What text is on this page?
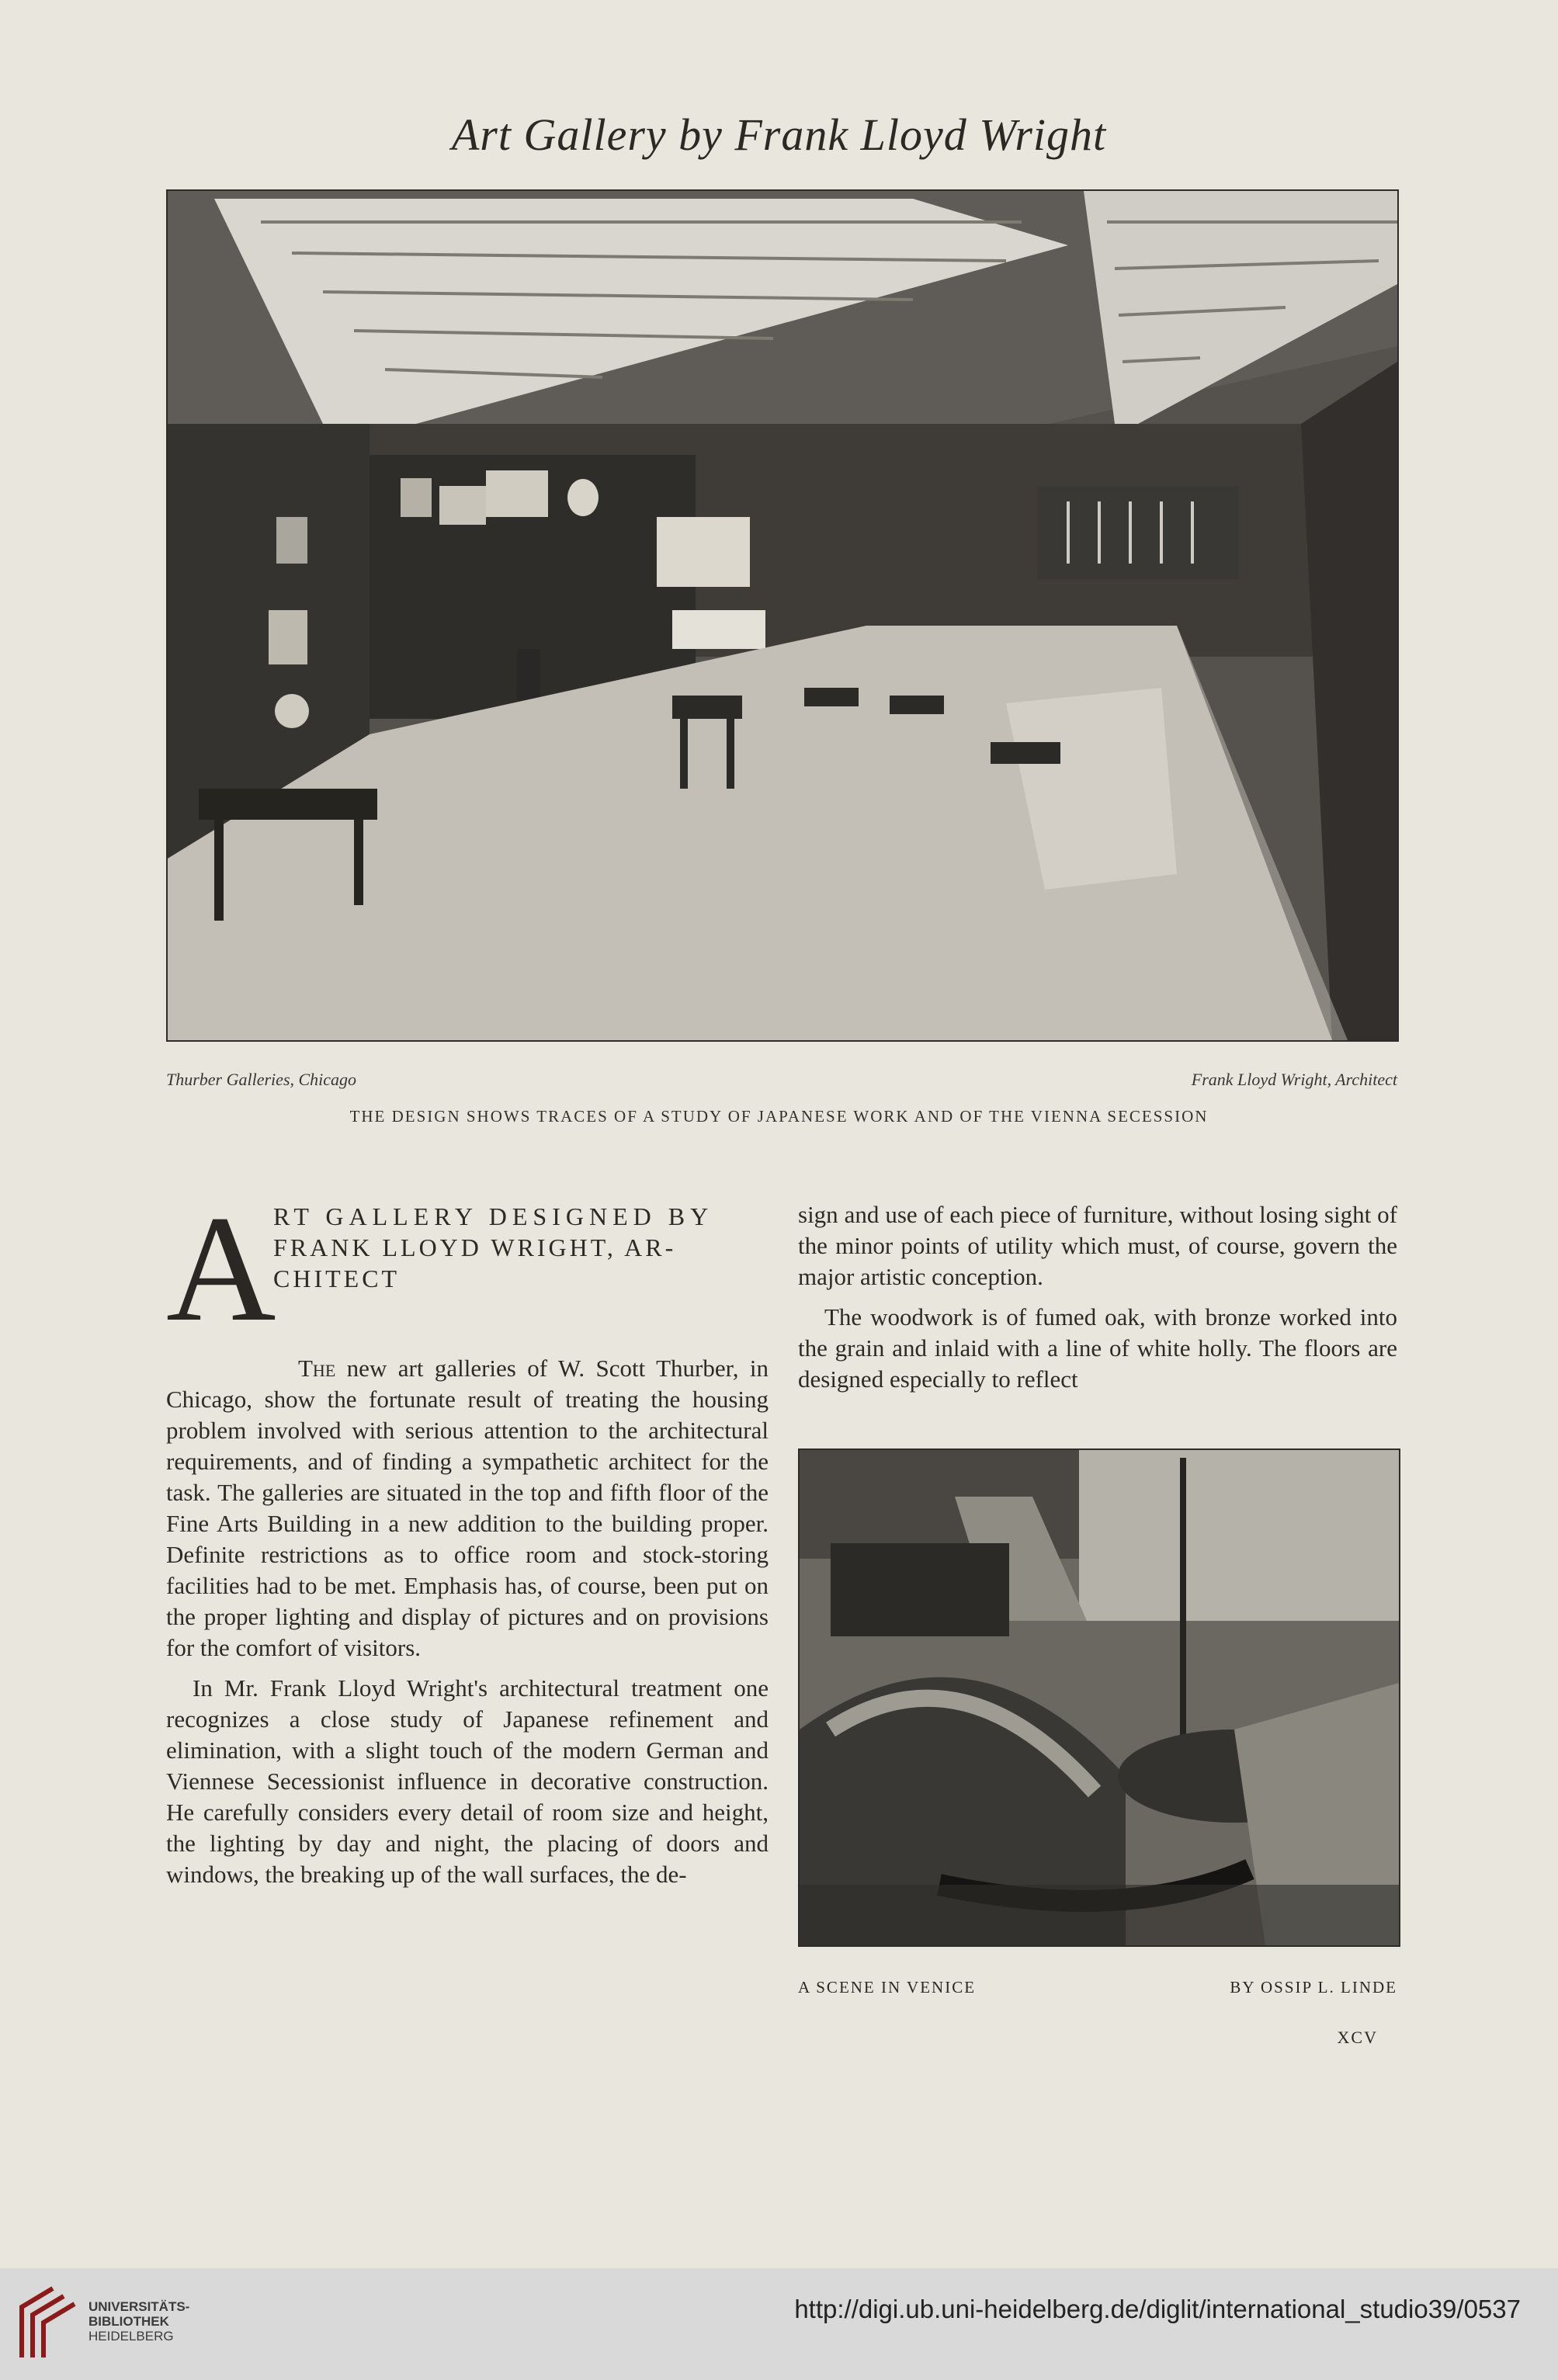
Art Gallery by Frank Lloyd Wright
Thurber Galleries, Chicago	Frank Lloyd Wright, Architect
THE DESIGN SHOWS TRACES OF A STUDY OF JAPANESE WORK AND OF THE VIENNA SECESSION
A
RT GALLERY DESIGNED BY
FRANK LLOYD WRIGHT, AR-
CHITECT

The new art galleries of W. Scott Thurber, in Chicago, show the fortunate result of treating the housing problem involved with serious attention to the architectural requirements, and of finding a sympathetic architect for the task. The galleries are situated in the top and fifth floor of the Fine Arts Building in a new addition to the building proper. Definite restrictions as to office room and stock-storing facilities had to be met. Emphasis has, of course, been put on the proper lighting and display of pictures and on provisions for the comfort of visitors.

In Mr. Frank Lloyd Wright's architectural treatment one recognizes a close study of Japanese refinement and elimination, with a slight touch of the modern German and Viennese Secessionist influence in decorative construction. He carefully considers every detail of room size and height, the lighting by day and night, the placing of doors and windows, the breaking up of the wall surfaces, the de-

sign and use of each piece of furniture, without losing sight of the minor points of utility which must, of course, govern the major artistic conception.

The woodwork is of fumed oak, with bronze worked into the grain and inlaid with a line of white holly. The floors are designed especially to reflect

A SCENE IN VENICE	BY OSSIP L. LINDE
XCV
UNIVERSITÄTS-
BIBLIOTHEK
HEIDELBERG
http://digi.ub.uni-heidelberg.de/diglit/international_studio39/0537
